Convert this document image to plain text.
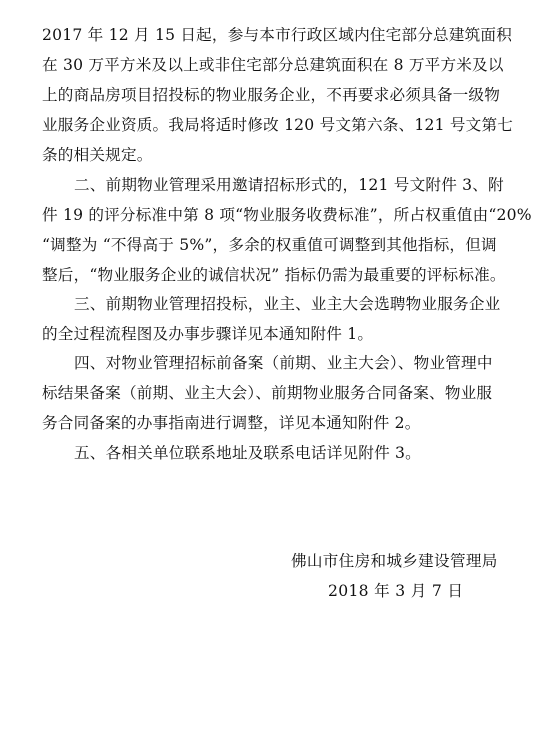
2017 年 12 月 15 日起，参与本市行政区域内住宅部分总建筑面积
在 30 万平方米及以上或非住宅部分总建筑面积在 8 万平方米及以
上的商品房项目招投标的物业服务企业，不再要求必须具备一级物
业服务企业资质。我局将适时修改 120 号文第六条、121 号文第七
条的相关规定。
二、前期物业管理采用邀请招标形式的，121 号文附件 3、附
件 19 的评分标准中第 8 项“物业服务收费标准”，所占权重值由“20%
“调整为 “不得高于 5%”，多余的权重值可调整到其他指标，但调
整后，“物业服务企业的诚信状况” 指标仍需为最重要的评标标准。
三、前期物业管理招投标，业主、业主大会选聘物业服务企业
的全过程流程图及办事步骤详见本通知附件 1。
四、对物业管理招标前备案（前期、业主大会）、物业管理中
标结果备案（前期、业主大会）、前期物业服务合同备案、物业服
务合同备案的办事指南进行调整，详见本通知附件 2。
五、各相关单位联系地址及联系电话详见附件 3。
佛山市住房和城乡建设管理局
2018 年 3 月 7 日
